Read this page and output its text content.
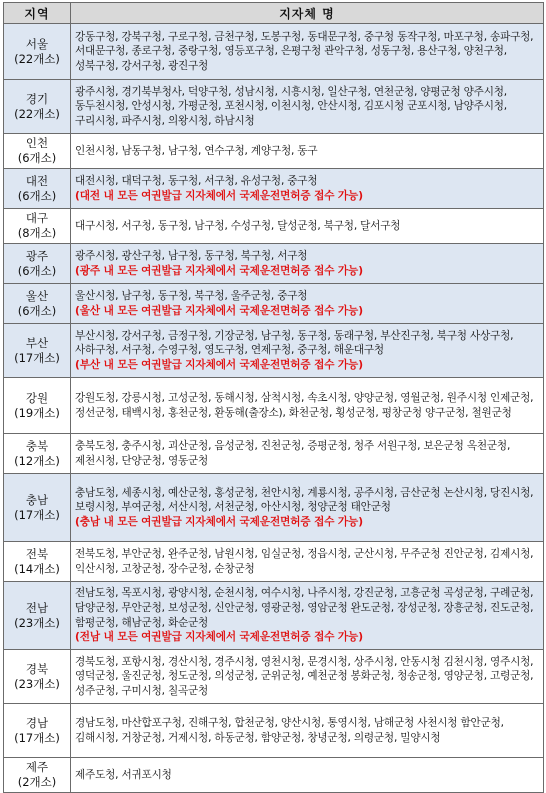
지역	지자체 명
서울
(22개소)	강동구청, 강북구청, 구로구청, 금천구청, 도봉구청, 동대문구청, 중구청 동작구청, 마포구청, 송파구청, 서대문구청, 종로구청, 중랑구청, 영등포구청, 은평구청 관악구청, 성동구청, 용산구청, 양천구청, 성북구청, 강서구청, 광진구청
경기
(22개소)	광주시청, 경기북부청사, 덕양구청, 성남시청, 시흥시청, 일산구청, 연천군청, 양평군청 양주시청, 동두천시청, 안성시청, 가평군청, 포천시청, 이천시청, 안산시청, 김포시청 군포시청, 남양주시청, 구리시청, 파주시청, 의왕시청, 하남시청
인천
(6개소)	인천시청, 남동구청, 남구청, 연수구청, 계양구청, 동구
대전
(6개소)	대전시청, 대덕구청, 동구청, 서구청, 유성구청, 중구청
(대전 내 모든 여권발급 지자체에서 국제운전면허증 접수 가능)

대구
(8개소)	대구시청, 서구청, 동구청, 남구청, 수성구청, 달성군청, 북구청, 달서구청
광주
(6개소)	광주시청, 광산구청, 남구청, 동구청, 북구청, 서구청
(광주 내 모든 여권발급 지자체에서 국제운전면허증 접수 가능)

울산
(6개소)	울산시청, 남구청, 동구청, 북구청, 울주군청, 중구청
(울산 내 모든 여권발급 지자체에서 국제운전면허증 접수 가능)

부산
(17개소)	부산시청, 강서구청, 금정구청, 기장군청, 남구청, 동구청, 동래구청, 부산진구청, 북구청 사상구청, 사하구청, 서구청, 수영구청, 영도구청, 연제구청, 중구청, 해운대구청
(부산 내 모든 여권발급 지자체에서 국제운전면허증 접수 가능)

강원
(19개소)	강원도청, 강릉시청, 고성군청, 동해시청, 삼척시청, 속초시청, 양양군청, 영월군청, 원주시청 인제군청, 정선군청, 태백시청, 홍천군청, 환동해(출장소), 화천군청, 횡성군청, 평창군청 양구군청, 철원군청
충북
(12개소)	충북도청, 충주시청, 괴산군청, 음성군청, 진천군청, 증평군청, 청주 서원구청, 보은군청 옥천군청, 제천시청, 단양군청, 영동군청
충남
(17개소)	충남도청, 세종시청, 예산군청, 홍성군청, 천안시청, 계룡시청, 공주시청, 금산군청 논산시청, 당진시청, 보령시청, 부여군청, 서산시청, 서천군청, 아산시청, 청양군청 태안군청
(충남 내 모든 여권발급 지자체에서 국제운전면허증 접수 가능)

전북
(14개소)	전북도청, 부안군청, 완주군청, 남원시청, 임실군청, 정읍시청, 군산시청, 무주군청 진안군청, 김제시청, 익산시청, 고창군청, 장수군청, 순창군청
전남
(23개소)	전남도청, 목포시청, 광양시청, 순천시청, 여수시청, 나주시청, 강진군청, 고흥군청 곡성군청, 구례군청, 담양군청, 무안군청, 보성군청, 신안군청, 영광군청, 영암군청 완도군청, 장성군청, 장흥군청, 진도군청, 함평군청, 해남군청, 화순군청
(전남 내 모든 여권발급 지자체에서 국제운전면허증 접수 가능)

경북
(23개소)	경북도청, 포항시청, 경산시청, 경주시청, 영천시청, 문경시청, 상주시청, 안동시청 김천시청, 영주시청, 영덕군청, 울진군청, 청도군청, 의성군청, 군위군청, 예천군청 봉화군청, 청송군청, 영양군청, 고령군청, 성주군청, 구미시청, 칠곡군청
경남
(17개소)	경남도청, 마산합포구청, 진해구청, 합천군청, 양산시청, 통영시청, 남해군청 사천시청 함안군청, 김해시청, 거창군청, 거제시청, 하동군청, 함양군청, 창녕군청, 의령군청, 밀양시청
제주
(2개소)	제주도청, 서귀포시청
